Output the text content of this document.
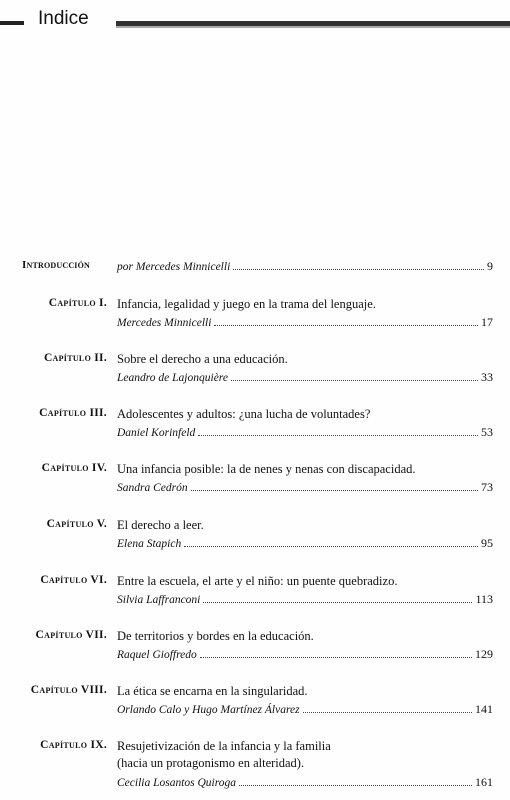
Indice
Introducción por Mercedes Minnicelli	9
Capítulo I. Infancia, legalidad y juego en la trama del lenguaje.
Mercedes Minnicelli	17
Capítulo II. Sobre el derecho a una educación.
Leandro de Lajonquière	33
Capítulo III. Adolescentes y adultos: ¿una lucha de voluntades?
Daniel Korinfeld	53
Capítulo IV. Una infancia posible: la de nenes y nenas con discapacidad.
Sandra Cedrón	73
Capítulo V. El derecho a leer.
Elena Stapich	95
Capítulo VI. Entre la escuela, el arte y el niño: un puente quebradizo.
Silvia Laffranconi	113
Capítulo VII. De territorios y bordes en la educación.
Raquel Gioffredo	129
Capítulo VIII. La ética se encarna en la singularidad.
Orlando Calo y Hugo Martínez Álvarez	141
Capítulo IX. Resujetivización de la infancia y la familia
(hacia un protagonismo en alteridad).
Cecilia Losantos Quiroga	161
